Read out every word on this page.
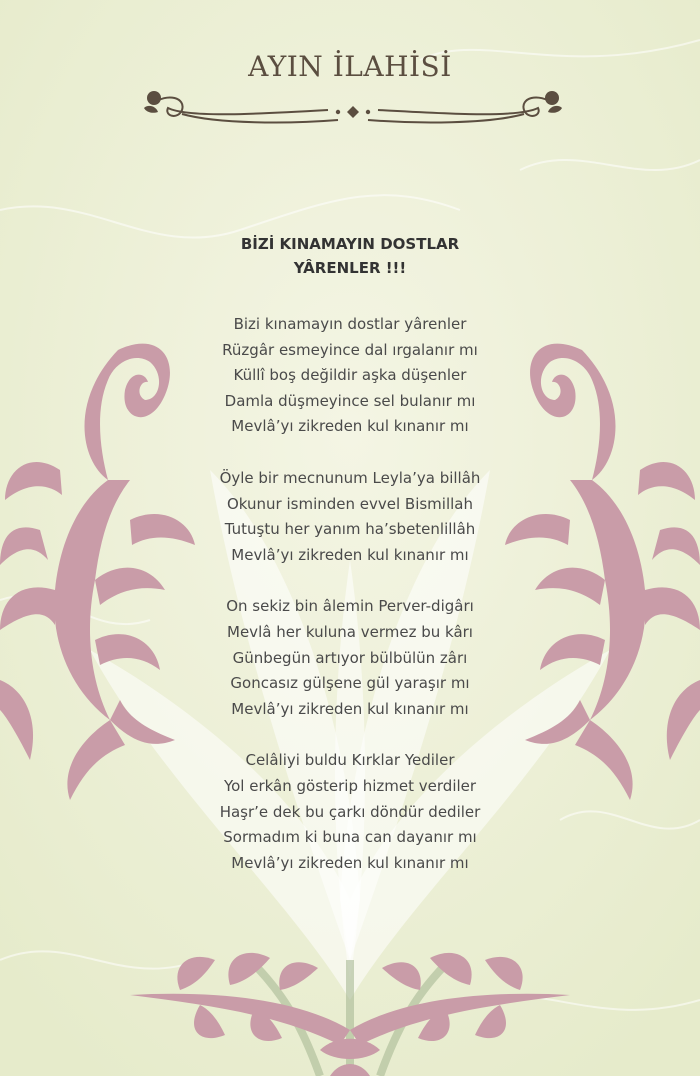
AYIN İLAHİSİ
BİZİ KINAMAYIN DOSTLAR
YÂRENLER !!!
Bizi kınamayın dostlar yârenler
Rüzgâr esmeyince dal ırgalanır mı
Küllî boş değildir aşka düşenler
Damla düşmeyince sel bulanır mı
Mevlâ’yı zikreden kul kınanır mı
Öyle bir mecnunum Leyla’ya billâh
Okunur isminden evvel Bismillah
Tutuştu her yanım ha’sbetenlillâh
Mevlâ’yı zikreden kul kınanır mı
On sekiz bin âlemin Perver-digârı
Mevlâ her kuluna vermez bu kârı
Günbegün artıyor bülbülün zârı
Goncasız gülşene gül yaraşır mı
Mevlâ’yı zikreden kul kınanır mı
Celâliyi buldu Kırklar Yediler
Yol erkân gösterip hizmet verdiler
Haşr’e dek bu çarkı döndür dediler
Sormadım ki buna can dayanır mı
Mevlâ’yı zikreden kul kınanır mı
